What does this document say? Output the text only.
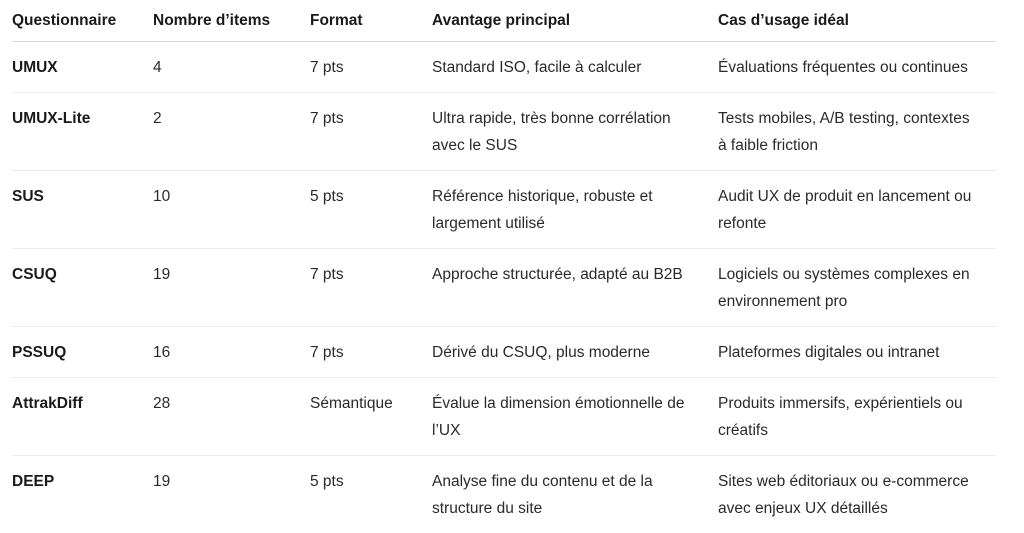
Questionnaire	Nombre d’items	Format	Avantage principal	Cas d’usage idéal
UMUX	4	7 pts	Standard ISO, facile à calculer	Évaluations fréquentes ou continues

UMUX-Lite	2	7 pts	Ultra rapide, très bonne corrélation avec le SUS	Tests mobiles, A/B testing, contextes à faible friction

SUS	10	5 pts	Référence historique, robuste et largement utilisé	Audit UX de produit en lancement ou refonte

CSUQ	19	7 pts	Approche structurée, adapté au B2B	Logiciels ou systèmes complexes en environnement pro

PSSUQ	16	7 pts	Dérivé du CSUQ, plus moderne	Plateformes digitales ou intranet

AttrakDiff	28	Sémantique	Évalue la dimension émotionnelle de l’UX	Produits immersifs, expérientiels ou créatifs

DEEP	19	5 pts	Analyse fine du contenu et de la structure du site	Sites web éditoriaux ou e-commerce avec enjeux UX détaillés
